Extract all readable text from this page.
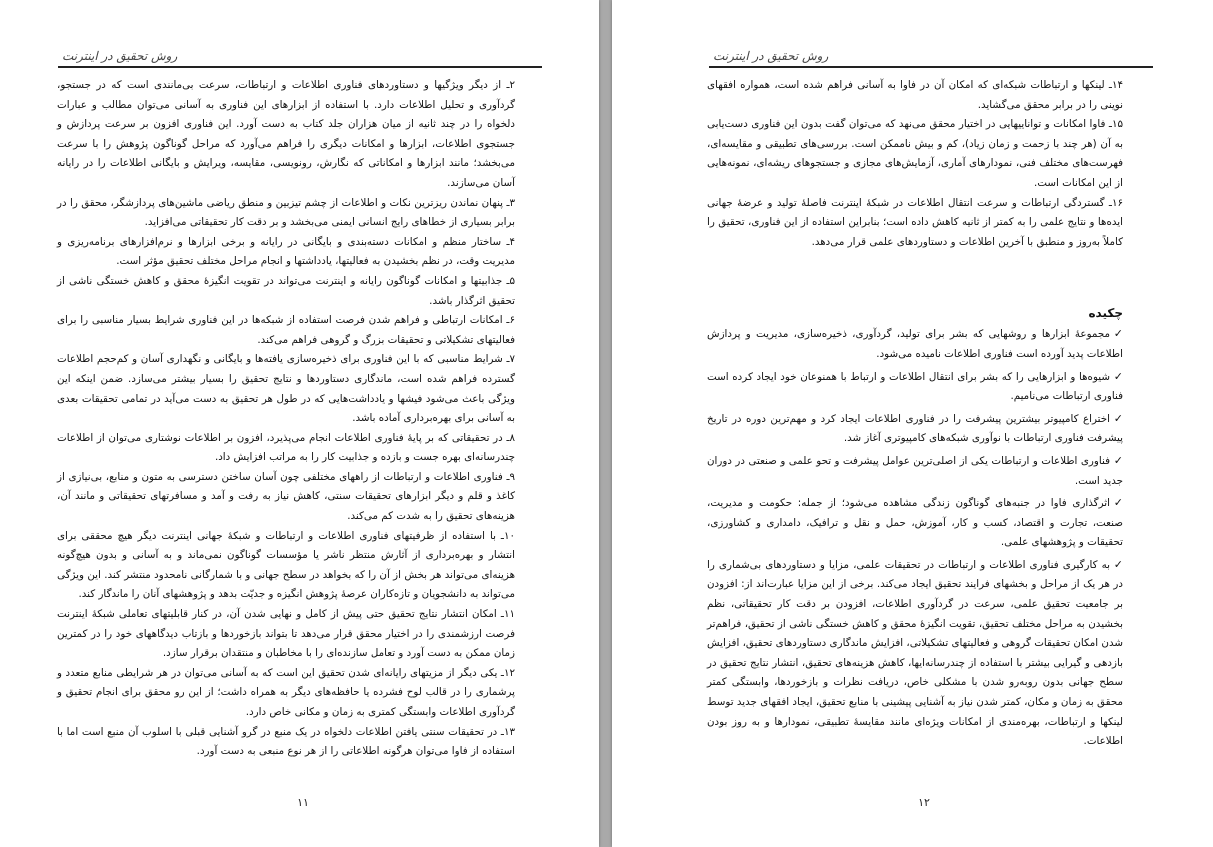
روش تحقیق در اینترنت

۲ـ از دیگر ویژگیها و دستاوردهای فناوری اطلاعات و ارتباطات، سرعت بی‌مانندی است که در جستجو، گردآوری و تحلیل اطلاعات دارد. با استفاده از ابزارهای این فناوری به آسانی می‌توان مطالب و عبارات دلخواه را در چند ثانیه از میان هزاران جلد کتاب به دست آورد. این فناوری افزون بر سرعت پردازش و جستجوی اطلاعات، ابزارها و امکانات دیگری را فراهم می‌آورد که مراحل گوناگون پژوهش را با سرعت می‌بخشد؛ مانند ابزارها و امکاناتی که نگارش، رونویسی، مقایسه، ویرایش و بایگانی اطلاعات را در رایانه آسان می‌سازند.

۳ـ پنهان نماندن ریزترین نکات و اطلاعات از چشم تیزبین و منطق ریاضی ماشین‌های پردازشگر، محقق را در برابر بسیاری از خطاهای رایج انسانی ایمنی می‌بخشد و بر دقت کار تحقیقاتی می‌افزاید.

۴ـ ساختار منظم و امکانات دسته‌بندی و بایگانی در رایانه و برخی ابزارها و نرم‌افزارهای برنامه‌ریزی و مدیریت وقت، در نظم بخشیدن به فعالیتها، یادداشتها و انجام مراحل مختلف تحقیق مؤثر است.

۵ـ جذابیتها و امکانات گوناگون رایانه و اینترنت می‌تواند در تقویت انگیزهٔ محقق و کاهش خستگی ناشی از تحقیق اثرگذار باشد.

۶ـ امکانات ارتباطی و فراهم شدن فرصت استفاده از شبکه‌ها در این فناوری شرایط بسیار مناسبی را برای فعالیتهای تشکیلاتی و تحقیقات بزرگ و گروهی فراهم می‌کند.

۷ـ شرایط مناسبی که با این فناوری برای ذخیره‌سازی یافته‌ها و بایگانی و نگهداری آسان و کم‌حجم اطلاعات گسترده فراهم شده است، ماندگاری دستاوردها و نتایج تحقیق را بسیار بیشتر می‌سازد. ضمن اینکه این ویژگی باعث می‌شود فیشها و یادداشت‌هایی که در طول هر تحقیق به دست می‌آید در تمامی تحقیقات بعدی به آسانی برای بهره‌برداری آماده باشد.

۸ـ در تحقیقاتی که بر پایهٔ فناوری اطلاعات انجام می‌پذیرد، افزون بر اطلاعات نوشتاری می‌توان از اطلاعات چندرسانه‌ای بهره جست و بازده و جذابیت کار را به مراتب افزایش داد.

۹ـ فناوری اطلاعات و ارتباطات از راههای مختلفی چون آسان ساختن دسترسی به متون و منابع، بی‌نیازی از کاغذ و قلم و دیگر ابزارهای تحقیقات سنتی، کاهش نیاز به رفت و آمد و مسافرتهای تحقیقاتی و مانند آن، هزینه‌های تحقیق را به شدت کم می‌کند.

۱۰ـ با استفاده از ظرفیتهای فناوری اطلاعات و ارتباطات و شبکهٔ جهانی اینترنت دیگر هیچ محققی برای انتشار و بهره‌برداری از آثارش منتظر ناشر یا مؤسسات گوناگون نمی‌ماند و به آسانی و بدون هیچ‌گونه هزینه‌ای می‌تواند هر بخش از آن را که بخواهد در سطح جهانی و با شمارگانی نامحدود منتشر کند. این ویژگی می‌تواند به دانشجویان و تازه‌کاران عرصهٔ پژوهش انگیزه و جدیّت بدهد و پژوهشهای آنان را ماندگار کند.

۱۱ـ امکان انتشار نتایج تحقیق حتی پیش از کامل و نهایی شدن آن، در کنار قابلیتهای تعاملی شبکهٔ اینترنت فرصت ارزشمندی را در اختیار محقق قرار می‌دهد تا بتواند بازخوردها و بازتاب دیدگاههای خود را در کمترین زمان ممکن به دست آورد و تعامل سازنده‌ای را با مخاطبان و منتقدان برقرار سازد.

۱۲ـ یکی دیگر از مزیتهای رایانه‌ای شدن تحقیق این است که به آسانی می‌توان در هر شرایطی منابع متعدد و پرشماری را در قالب لوح فشرده یا حافظه‌های دیگر به همراه داشت؛ از این رو محقق برای انجام تحقیق و گردآوری اطلاعات وابستگی کمتری به زمان و مکانی خاص دارد.

۱۳ـ در تحقیقات سنتی یافتن اطلاعات دلخواه در یک منبع در گرو آشنایی قبلی با اسلوب آن منبع است اما با استفاده از فاوا می‌توان هرگونه اطلاعاتی را از هر نوع منبعی به دست آورد.

۱۱
روش تحقیق در اینترنت

۱۴ـ لینکها و ارتباطات شبکه‌ای که امکان آن در فاوا به آسانی فراهم شده است، همواره افقهای نوینی را در برابر محقق می‌گشاید.

۱۵ـ فاوا امکانات و تواناییهایی در اختیار محقق می‌نهد که می‌توان گفت بدون این فناوری دست‌یابی به آن (هر چند با زحمت و زمان زیاد)، کم و بیش ناممکن است. بررسی‌های تطبیقی و مقایسه‌ای، فهرست‌های مختلف فنی، نمودارهای آماری، آزمایش‌های مجازی و جستجوهای ریشه‌ای، نمونه‌هایی از این امکانات است.

۱۶ـ گستردگی ارتباطات و سرعت انتقال اطلاعات در شبکهٔ اینترنت فاصلهٔ تولید و عرضهٔ جهانی ایده‌ها و نتایج علمی را به کمتر از ثانیه کاهش داده است؛ بنابراین استفاده از این فناوری، تحقیق را کاملاً به‌روز و منطبق با آخرین اطلاعات و دستاوردهای علمی قرار می‌دهد.

چکیده
✓مجموعهٔ ابزارها و روشهایی که بشر برای تولید، گردآوری، ذخیره‌سازی، مدیریت و پردازش اطلاعات پدید آورده است فناوری اطلاعات نامیده می‌شود.
✓شیوه‌ها و ابزارهایی را که بشر برای انتقال اطلاعات و ارتباط با همنوعان خود ایجاد کرده است فناوری ارتباطات می‌نامیم.
✓اختراع کامپیوتر بیشترین پیشرفت را در فناوری اطلاعات ایجاد کرد و مهم‌ترین دوره در تاریخ پیشرفت فناوری ارتباطات با نوآوری شبکه‌های کامپیوتری آغاز شد.
✓فناوری اطلاعات و ارتباطات یکی از اصلی‌ترین عوامل پیشرفت و تحو علمی و صنعتی در دوران جدید است.
✓اثرگذاری فاوا در جنبه‌های گوناگون زندگی مشاهده می‌شود؛ از جمله: حکومت و مدیریت، صنعت، تجارت و اقتصاد، کسب و کار، آموزش، حمل و نقل و ترافیک، دامداری و کشاورزی، تحقیقات و پژوهشهای علمی.
✓به کارگیری فناوری اطلاعات و ارتباطات در تحقیقات علمی، مزایا و دستاوردهای بی‌شماری را در هر یک از مراحل و بخشهای فرایند تحقیق ایجاد می‌کند. برخی از این مزایا عبارت‌اند از: افزودن بر جامعیت تحقیق علمی، سرعت در گردآوری اطلاعات، افزودن بر دقت کار تحقیقاتی، نظم بخشیدن به مراحل مختلف تحقیق، تقویت انگیزهٔ محقق و کاهش خستگی ناشی از تحقیق، فراهم‌تر شدن امکان تحقیقات گروهی و فعالیتهای تشکیلاتی، افزایش ماندگاری دستاوردهای تحقیق، افزایش بازدهی و گیرایی بیشتر با استفاده از چندرسانه‌ایها، کاهش هزینه‌های تحقیق، انتشار نتایج تحقیق در سطح جهانی بدون روبه‌رو شدن با مشکلی خاص، دریافت نظرات و بازخوردها، وابستگی کمتر محقق به زمان و مکان، کمتر شدن نیاز به آشنایی پیشینی با منابع تحقیق، ایجاد افقهای جدید توسط لینکها و ارتباطات، بهره‌مندی از امکانات ویژه‌ای مانند مقایسهٔ تطبیقی، نمودارها و به روز بودن اطلاعات.
۱۲
